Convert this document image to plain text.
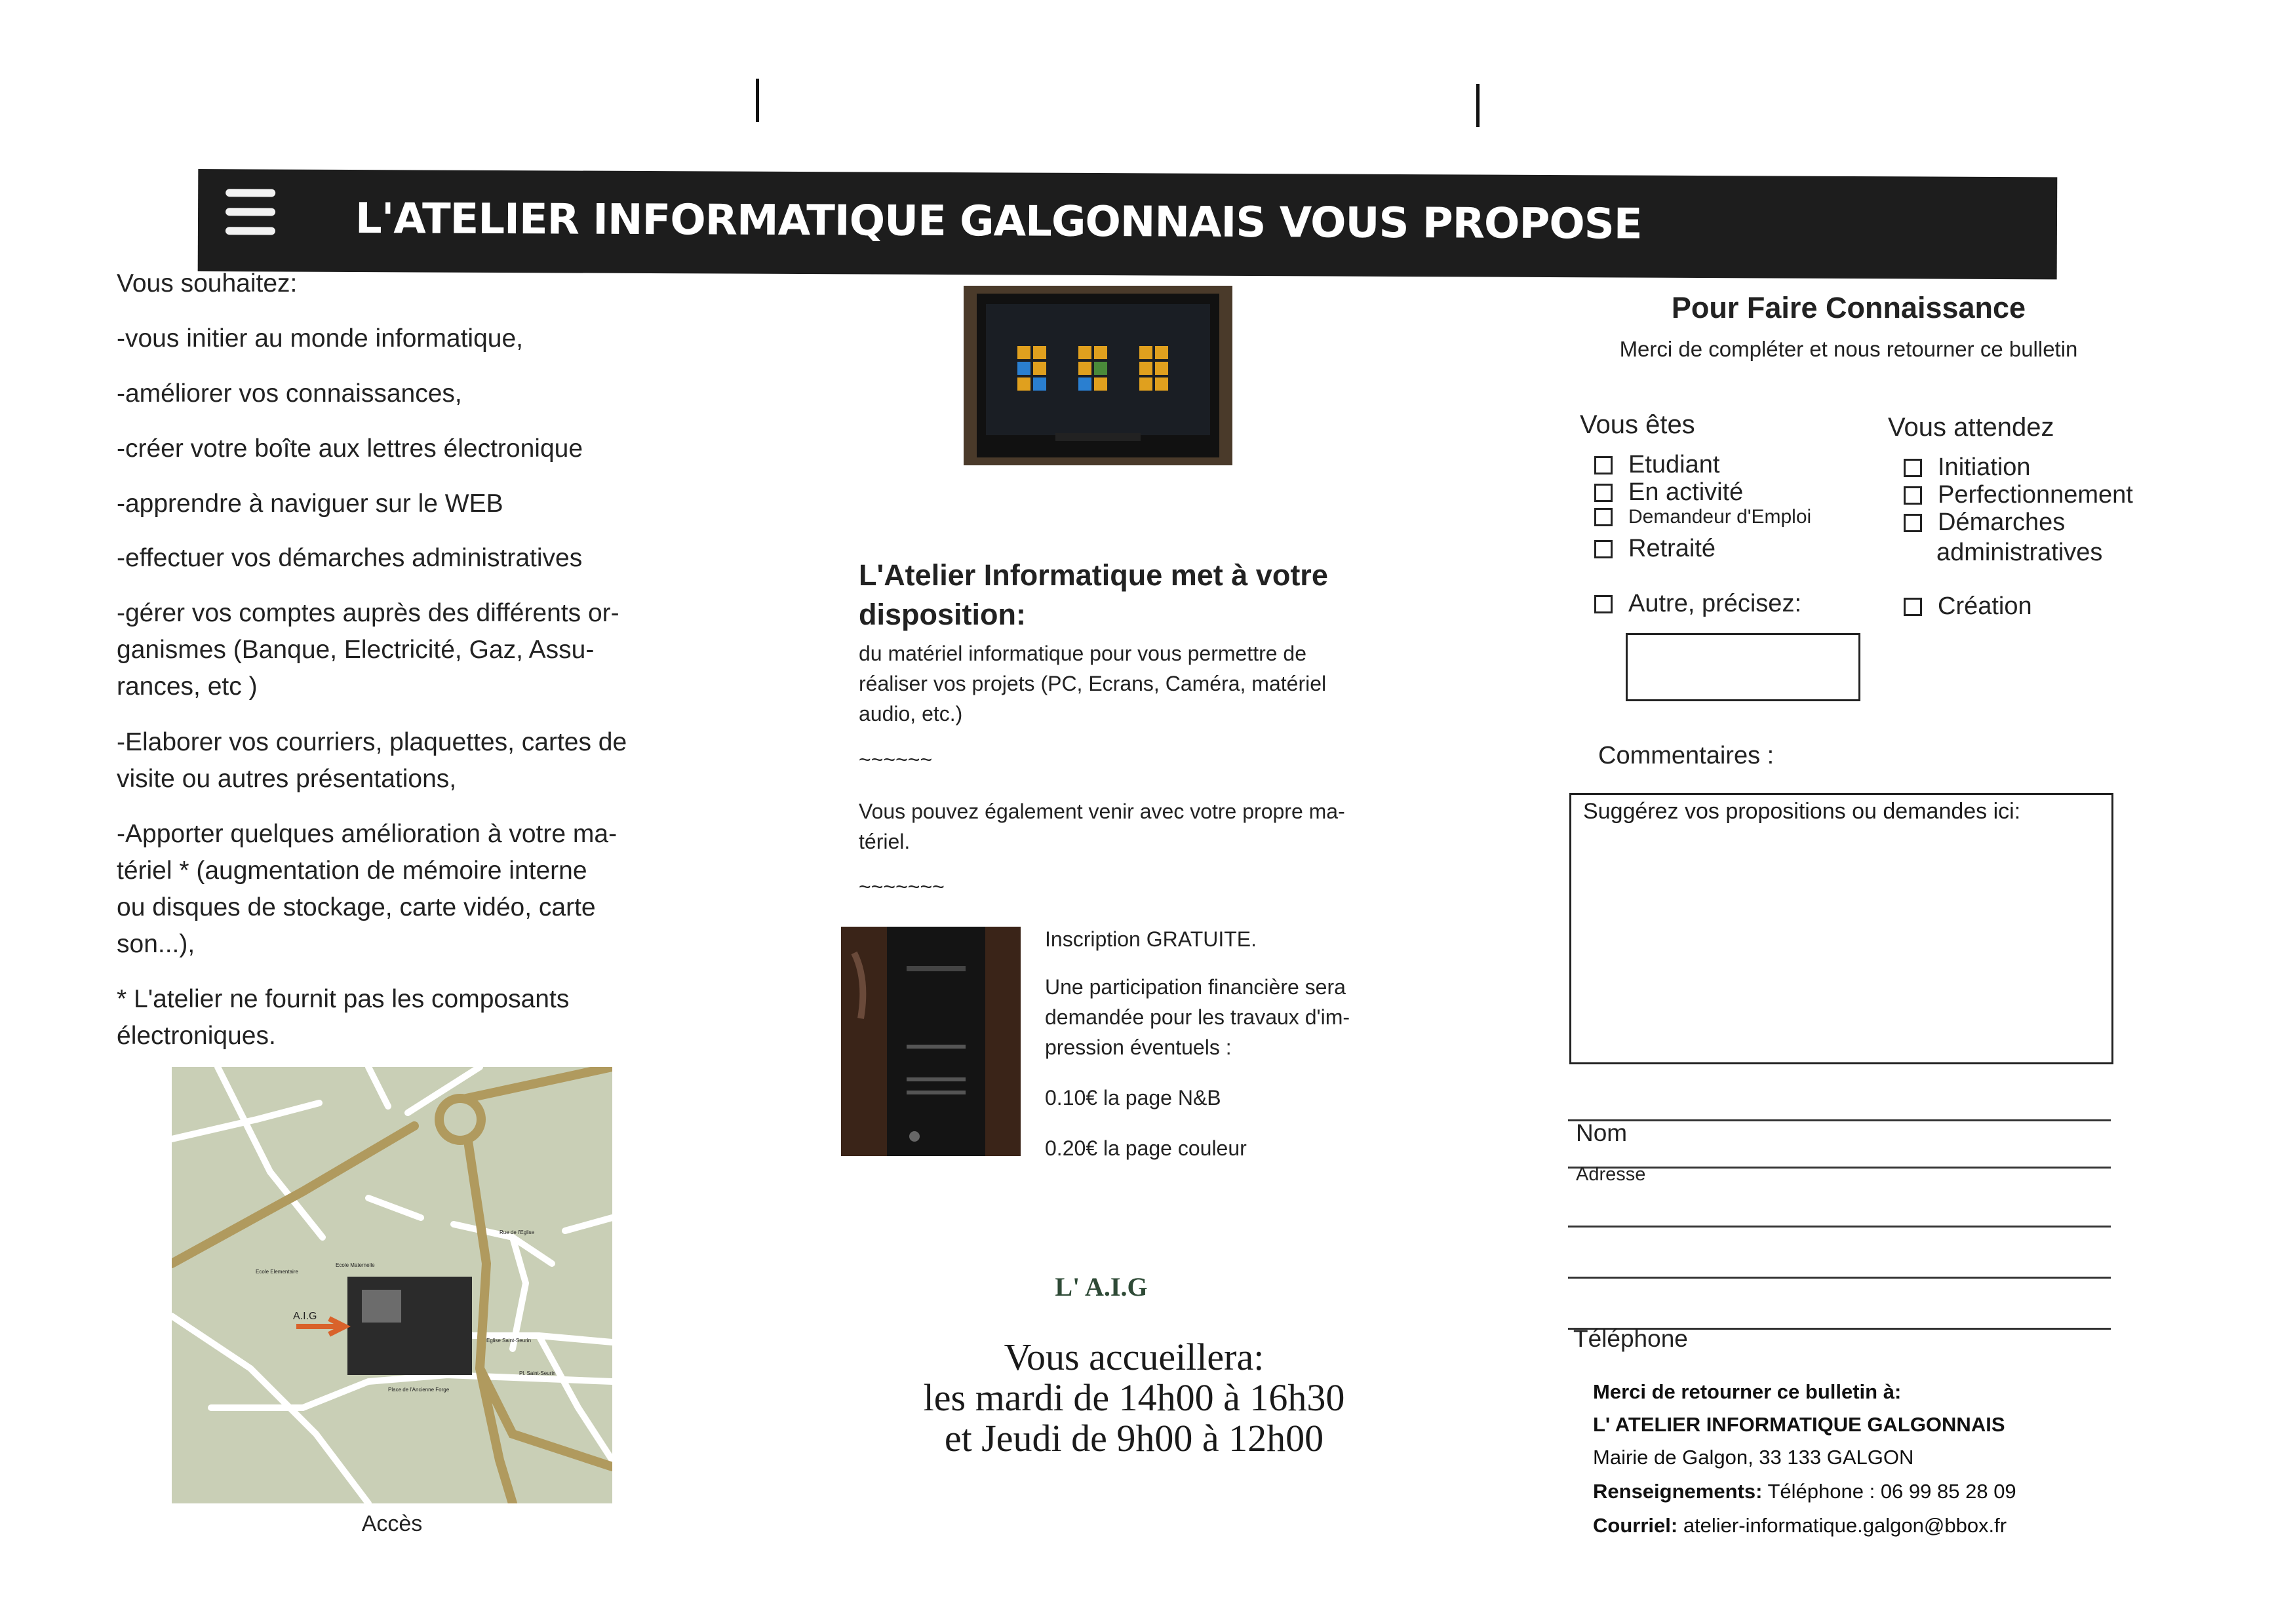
L'ATELIER INFORMATIQUE GALGONNAIS VOUS PROPOSE

Vous souhaitez:

-vous initier au monde informatique,

-améliorer vos connaissances,

-créer votre boîte aux lettres électronique

-apprendre à naviguer sur le WEB

-effectuer vos démarches administratives

-gérer vos comptes auprès des différents or-

ganismes (Banque, Electricité, Gaz, Assu-

rances, etc )

-Elaborer vos courriers, plaquettes, cartes de

visite ou autres présentations,

-Apporter quelques amélioration à votre ma-

tériel * (augmentation de mémoire interne

ou disques de stockage, carte vidéo, carte

son...),

* L'atelier ne fournit pas les composants

électroniques.

A.I.G
Ecole Maternelle
Ecole Elementaire
Eglise Saint-Seurin
Pl. Saint-Seurin
Rue de l'Eglise
Place de l'Ancienne Forge
Accès
L'Atelier Informatique met à votre
disposition:
du matériel informatique pour vous permettre de
réaliser vos projets (PC, Ecrans, Caméra, matériel
audio, etc.)
~~~~~~
Vous pouvez également venir avec votre propre ma-
tériel.
~~~~~~~
Inscription GRATUITE.
Une participation financière sera
demandée pour les travaux d'im-
pression éventuels :
0.10€ la page N&B
0.20€ la page couleur
L' A.I.G
Vous accueillera:
les mardi de 14h00 à 16h30
et Jeudi de 9h00 à 12h00
Pour Faire Connaissance
Merci de compléter et nous retourner ce bulletin
Vous êtes
Etudiant
En activité
Demandeur d'Emploi
Retraité
Autre, précisez:
Vous attendez
Initiation
Perfectionnement
Démarches
administratives
Création
Commentaires :
Suggérez vos propositions ou demandes ici:
Nom
Adresse
Téléphone
Merci de retourner ce bulletin à:
L' ATELIER INFORMATIQUE GALGONNAIS
Mairie de Galgon, 33 133 GALGON
Renseignements: Téléphone : 06 99 85 28 09
Courriel: atelier-informatique.galgon@bbox.fr
